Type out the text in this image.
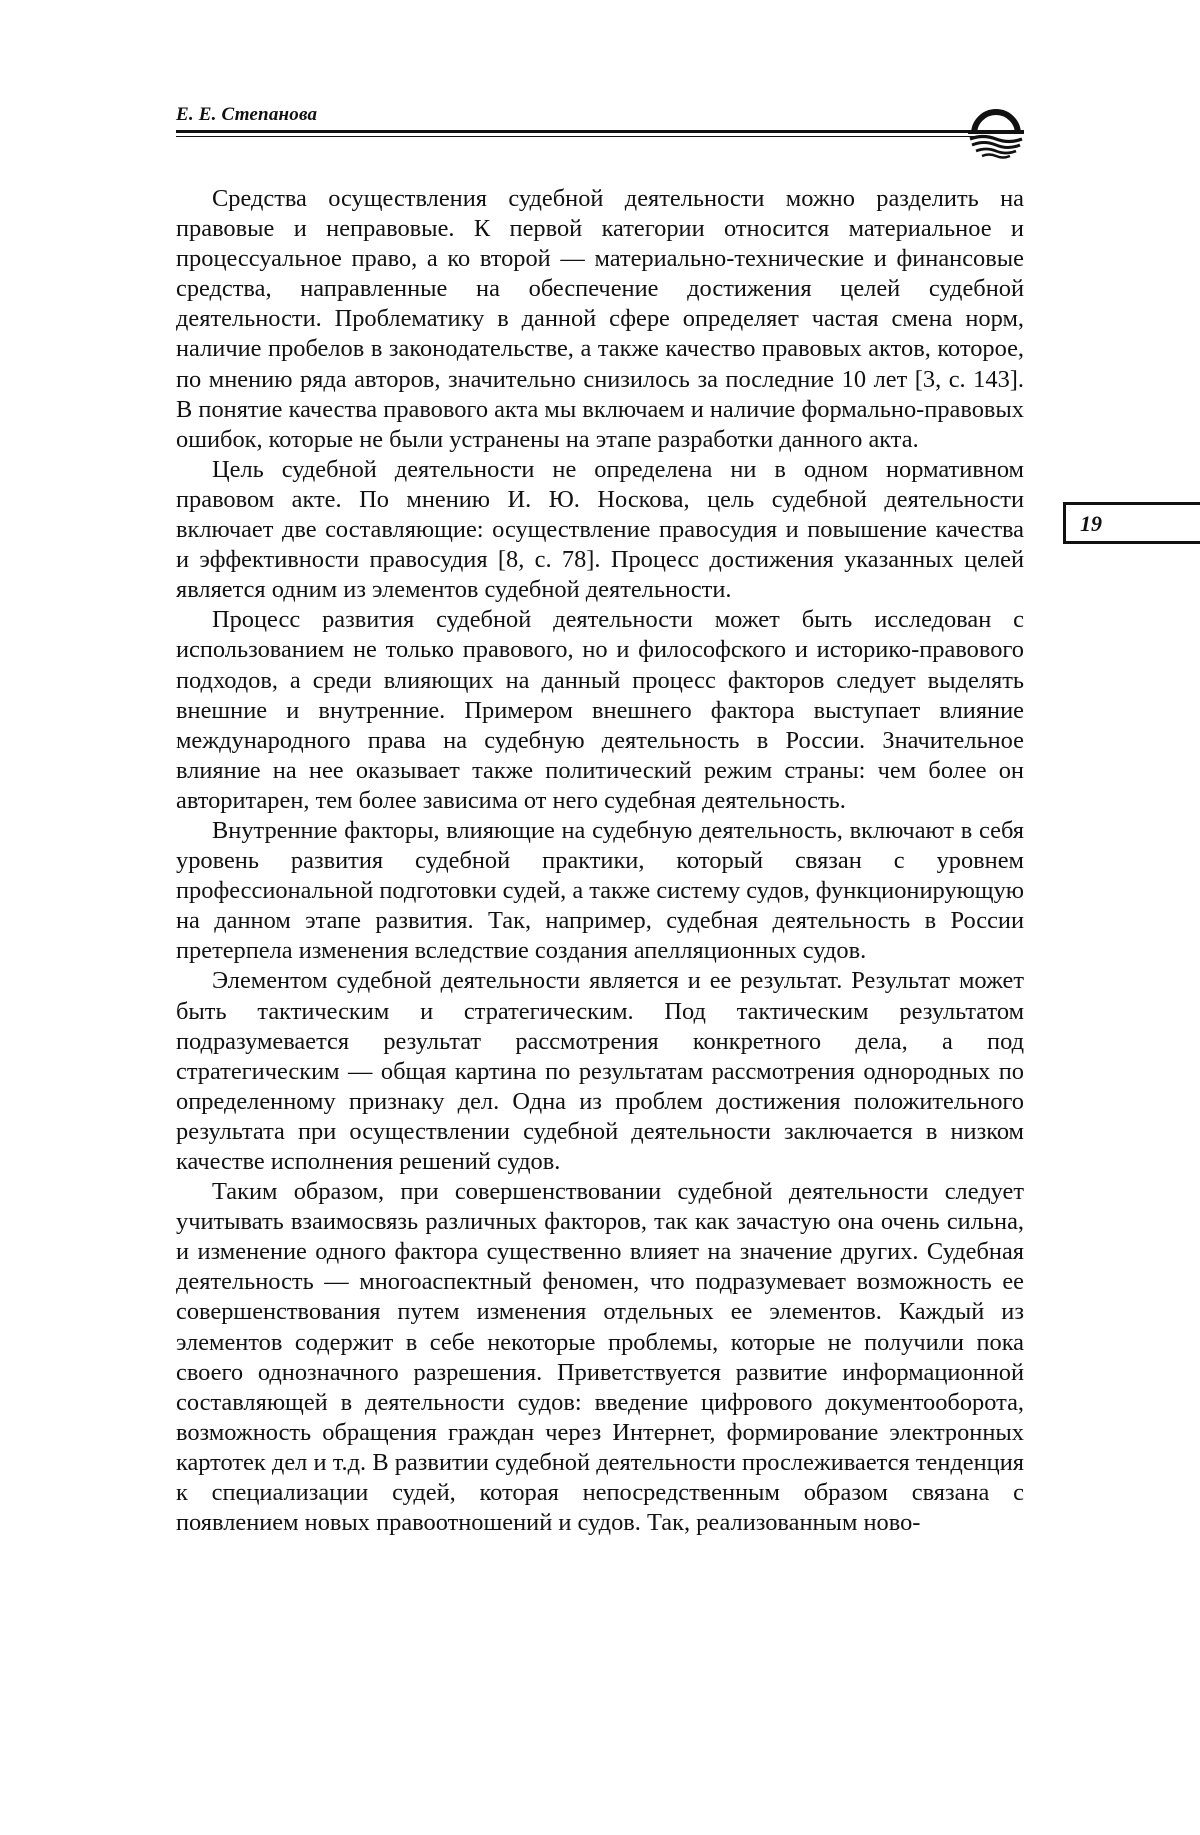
Е. Е. Степанова
19

Средства осуществления судебной деятельности можно разделить на правовые и неправовые. К первой категории относится материальное и процессуальное право, а ко второй — материально-технические и финансовые средства, направленные на обеспечение достижения целей судебной деятельности. Проблематику в данной сфере определяет частая смена норм, наличие пробелов в законодательстве, а также качество правовых актов, которое, по мнению ряда авторов, значительно снизилось за последние 10 лет [3, с. 143]. В понятие качества правового акта мы включаем и наличие формально-правовых ошибок, которые не были устранены на этапе разработки данного акта.

Цель судебной деятельности не определена ни в одном нормативном правовом акте. По мнению И. Ю. Носкова, цель судебной деятельности включает две составляющие: осуществление правосудия и повышение качества и эффективности правосудия [8, с. 78]. Процесс достижения указанных целей является одним из элементов судебной деятельности.

Процесс развития судебной деятельности может быть исследован с использованием не только правового, но и философского и историко-правового подходов, а среди влияющих на данный процесс факторов следует выделять внешние и внутренние. Примером внешнего фактора выступает влияние международного права на судебную деятельность в России. Значительное влияние на нее оказывает также политический режим страны: чем более он авторитарен, тем более зависима от него судебная деятельность.

Внутренние факторы, влияющие на судебную деятельность, включают в себя уровень развития судебной практики, который связан с уровнем профессиональной подготовки судей, а также систему судов, функционирующую на данном этапе развития. Так, например, судебная деятельность в России претерпела изменения вследствие создания апелляционных судов.

Элементом судебной деятельности является и ее результат. Результат может быть тактическим и стратегическим. Под тактическим результатом подразумевается результат рассмотрения конкретного дела, а под стратегическим — общая картина по результатам рассмотрения однородных по определенному признаку дел. Одна из проблем достижения положительного результата при осуществлении судебной деятельности заключается в низком качестве исполнения решений судов.

Таким образом, при совершенствовании судебной деятельности следует учитывать взаимосвязь различных факторов, так как зачастую она очень сильна, и изменение одного фактора существенно влияет на значение других. Судебная деятельность — многоаспектный феномен, что подразумевает возможность ее совершенствования путем изменения отдельных ее элементов. Каждый из элементов содержит в себе некоторые проблемы, которые не получили пока своего однозначного разрешения. Приветствуется развитие информационной составляющей в деятельности судов: введение цифрового документооборота, возможность обращения граждан через Интернет, формирование электронных картотек дел и т.д. В развитии судебной деятельности прослеживается тенденция к специализации судей, которая непосредственным образом связана с появлением новых правоотношений и судов. Так, реализованным ново-
